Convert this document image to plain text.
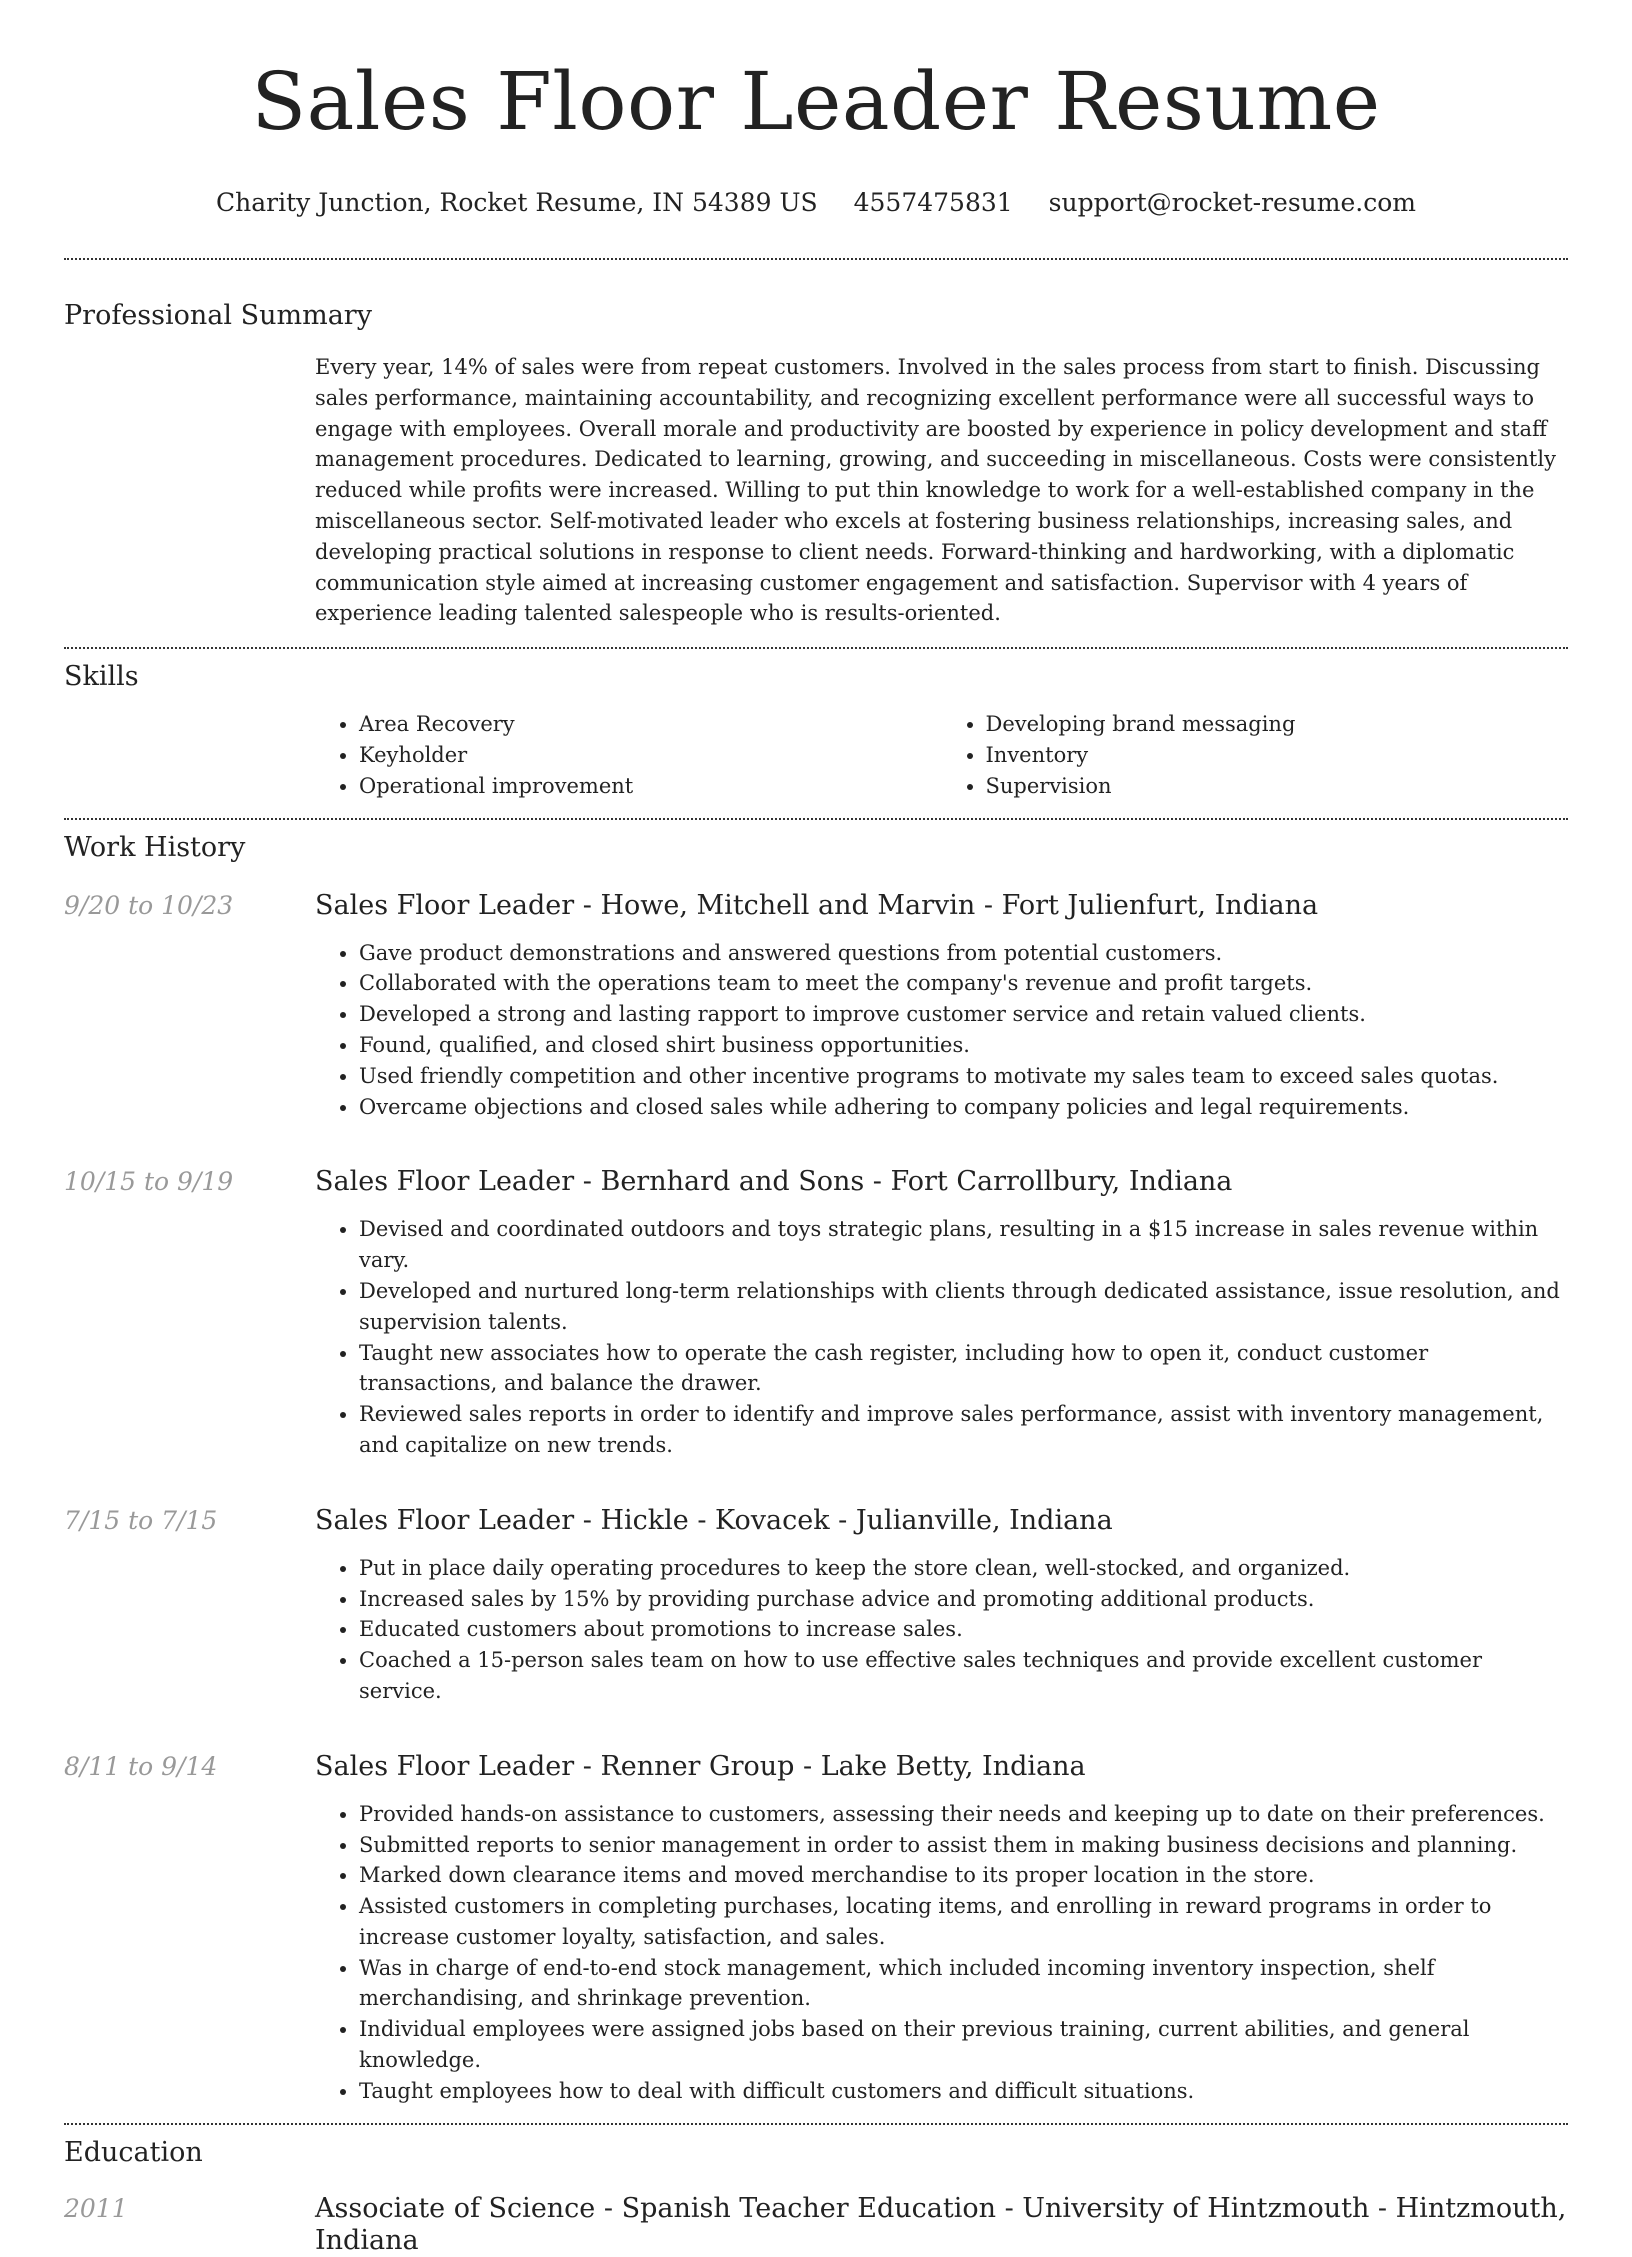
Sales Floor Leader Resume
Charity Junction, Rocket Resume, IN 54389 US 4557475831 support@rocket-resume.com
Professional Summary

Every year, 14% of sales were from repeat customers. Involved in the sales process from start to finish. Discussing sales performance, maintaining accountability, and recognizing excellent performance were all successful ways to engage with employees. Overall morale and productivity are boosted by experience in policy development and staff management procedures. Dedicated to learning, growing, and succeeding in miscellaneous. Costs were consistently reduced while profits were increased. Willing to put thin knowledge to work for a well-established company in the miscellaneous sector. Self-motivated leader who excels at fostering business relationships, increasing sales, and developing practical solutions in response to client needs. Forward-thinking and hardworking, with a diplomatic communication style aimed at increasing customer engagement and satisfaction. Supervisor with 4 years of experience leading talented salespeople who is results-oriented.

Skills
• Area Recovery
• Keyholder
• Operational improvement
• Developing brand messaging
• Inventory
• Supervision
Work History
9/20 to 10/23	Sales Floor Leader - Howe, Mitchell and Marvin - Fort Julienfurt, Indiana
• Gave product demonstrations and answered questions from potential customers.
• Collaborated with the operations team to meet the company's revenue and profit targets.
• Developed a strong and lasting rapport to improve customer service and retain valued clients.
• Found, qualified, and closed shirt business opportunities.
• Used friendly competition and other incentive programs to motivate my sales team to exceed sales quotas.
• Overcame objections and closed sales while adhering to company policies and legal requirements.
10/15 to 9/19	Sales Floor Leader - Bernhard and Sons - Fort Carrollbury, Indiana
• Devised and coordinated outdoors and toys strategic plans, resulting in a $15 increase in sales revenue within vary.
• Developed and nurtured long-term relationships with clients through dedicated assistance, issue resolution, and supervision talents.
• Taught new associates how to operate the cash register, including how to open it, conduct customer transactions, and balance the drawer.
• Reviewed sales reports in order to identify and improve sales performance, assist with inventory management, and capitalize on new trends.
7/15 to 7/15	Sales Floor Leader - Hickle - Kovacek - Julianville, Indiana
• Put in place daily operating procedures to keep the store clean, well-stocked, and organized.
• Increased sales by 15% by providing purchase advice and promoting additional products.
• Educated customers about promotions to increase sales.
• Coached a 15-person sales team on how to use effective sales techniques and provide excellent customer service.
8/11 to 9/14	Sales Floor Leader - Renner Group - Lake Betty, Indiana
• Provided hands-on assistance to customers, assessing their needs and keeping up to date on their preferences.
• Submitted reports to senior management in order to assist them in making business decisions and planning.
• Marked down clearance items and moved merchandise to its proper location in the store.
• Assisted customers in completing purchases, locating items, and enrolling in reward programs in order to increase customer loyalty, satisfaction, and sales.
• Was in charge of end-to-end stock management, which included incoming inventory inspection, shelf merchandising, and shrinkage prevention.
• Individual employees were assigned jobs based on their previous training, current abilities, and general knowledge.
• Taught employees how to deal with difficult customers and difficult situations.
Education
2011	Associate of Science - Spanish Teacher Education - University of Hintzmouth - Hintzmouth, Indiana
